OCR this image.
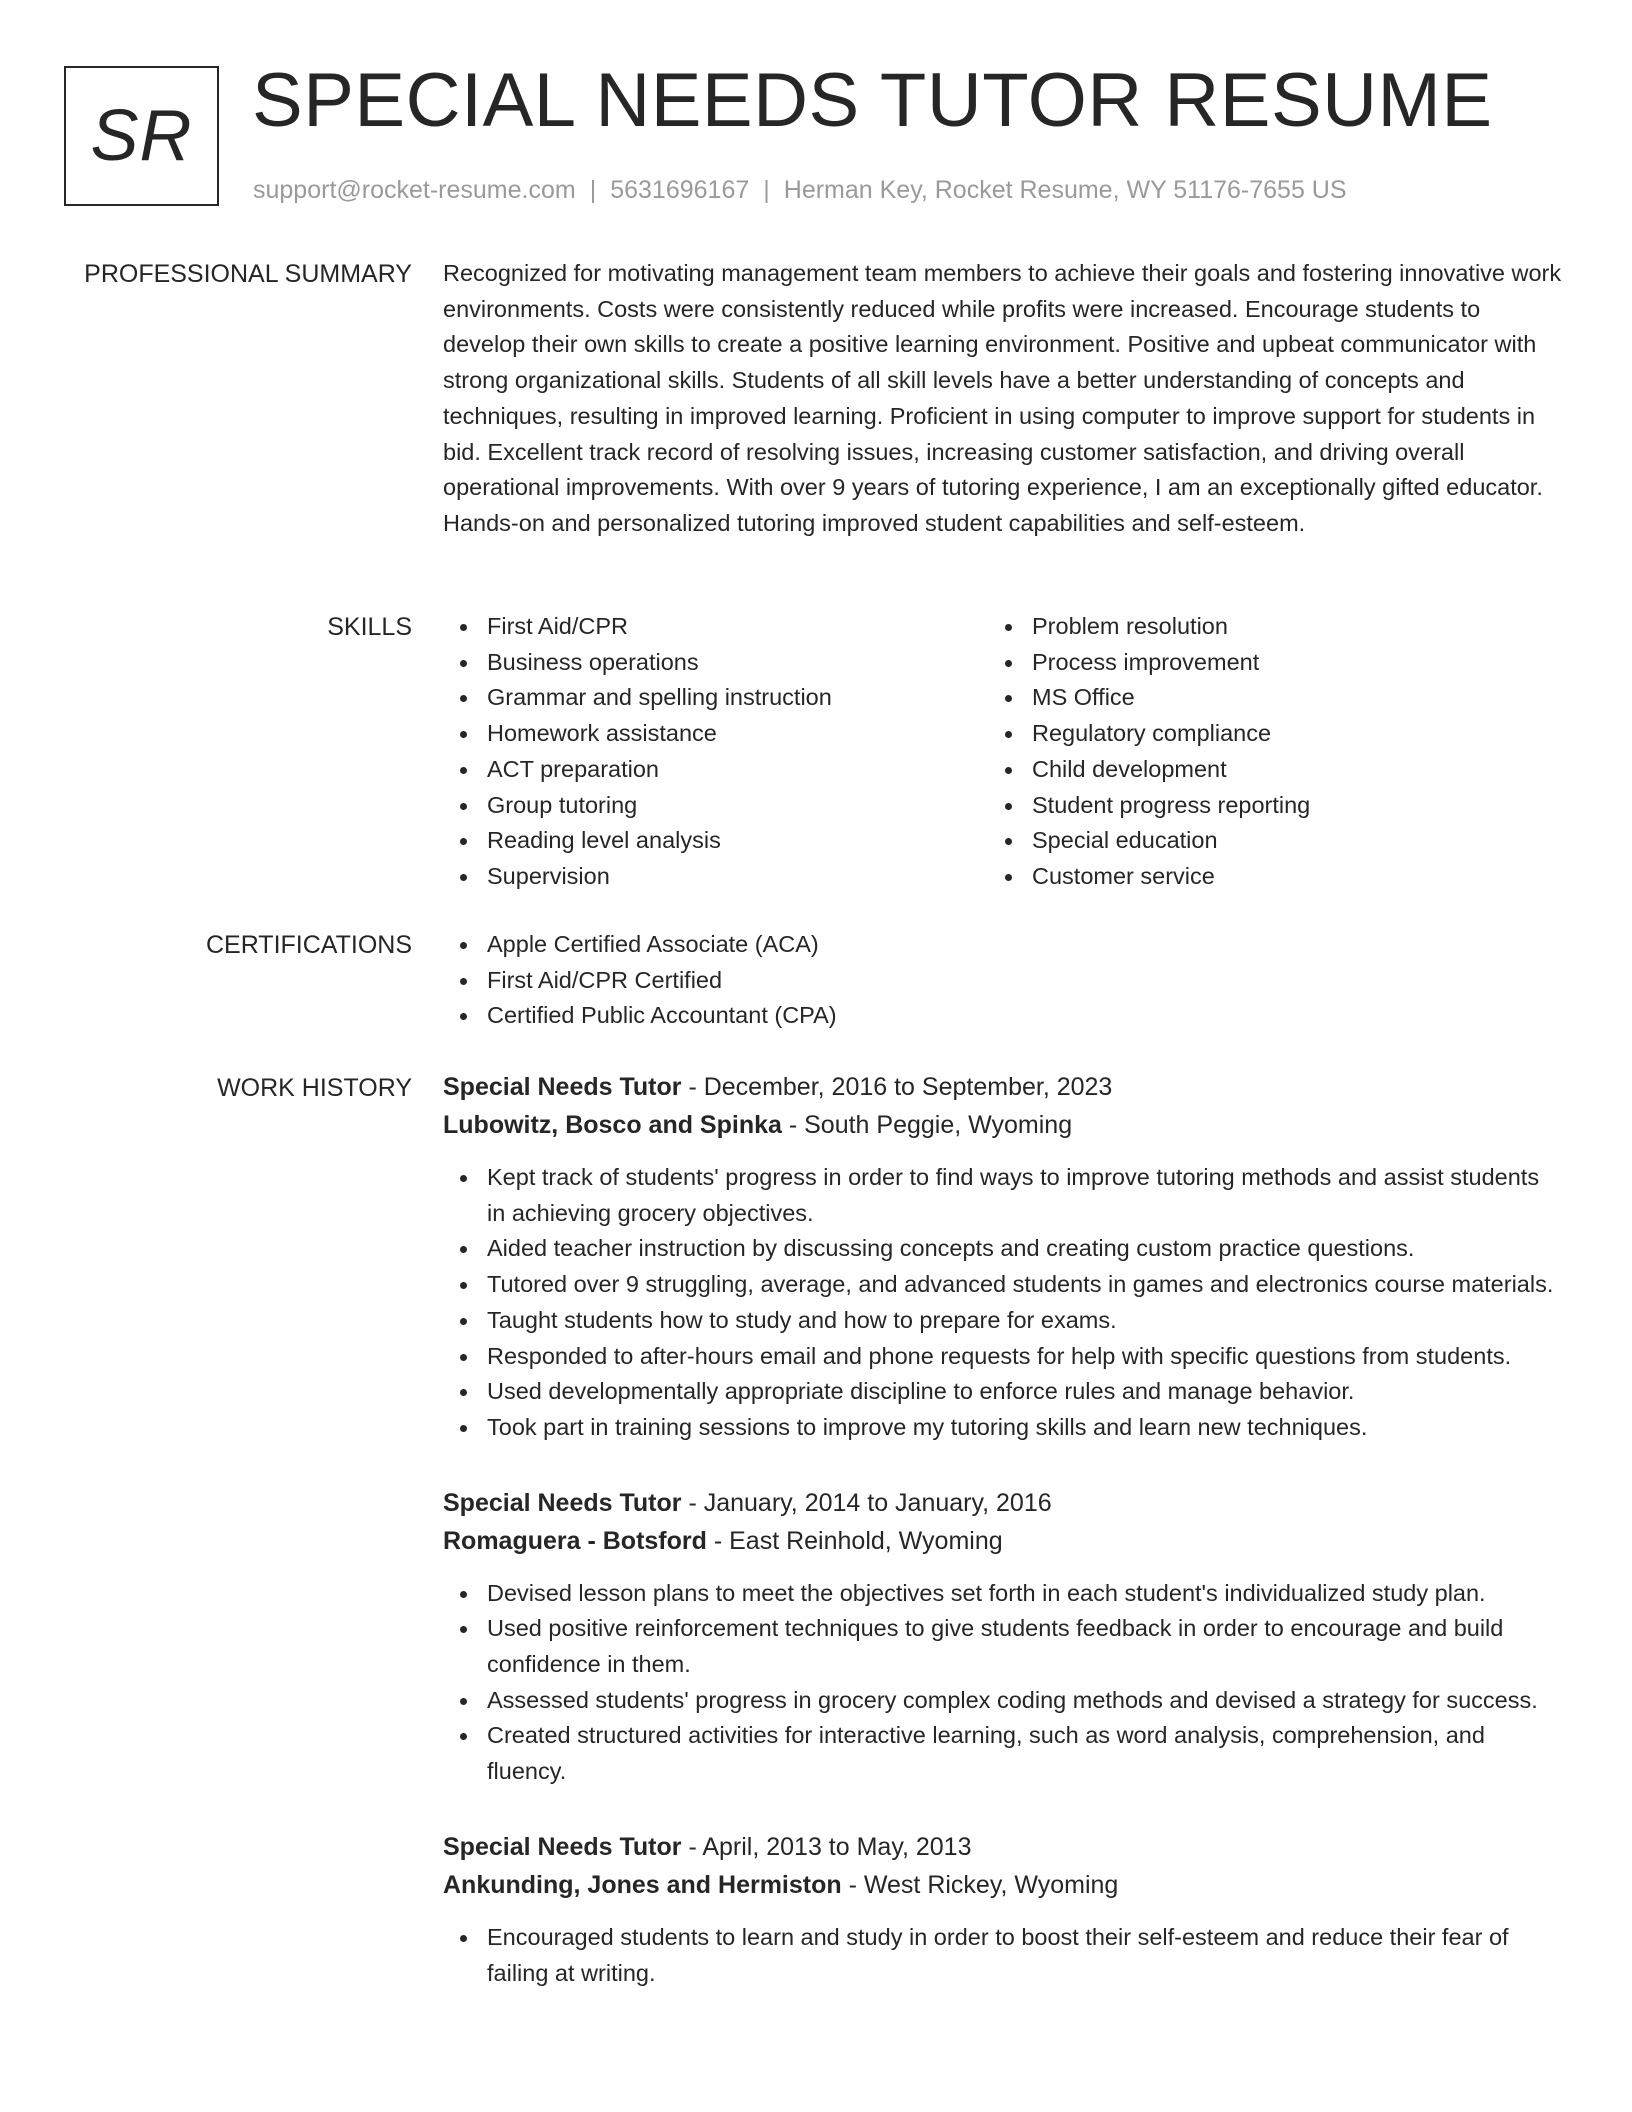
SR SPECIAL NEEDS TUTOR RESUME
support@rocket-resume.com | 5631696167 | Herman Key, Rocket Resume, WY 51176-7655 US
PROFESSIONAL SUMMARY Recognized for motivating management team members to achieve their goals and fostering innovative work environments. Costs were consistently reduced while profits were increased. Encourage students to develop their own skills to create a positive learning environment. Positive and upbeat communicator with strong organizational skills. Students of all skill levels have a better understanding of concepts and techniques, resulting in improved learning. Proficient in using computer to improve support for students in bid. Excellent track record of resolving issues, increasing customer satisfaction, and driving overall operational improvements. With over 9 years of tutoring experience, I am an exceptionally gifted educator. Hands-on and personalized tutoring improved student capabilities and self-esteem.

SKILLS	First Aid/CPR
Business operations
Grammar and spelling instruction
Homework assistance
ACT preparation
Group tutoring
Reading level analysis
Supervision
Problem resolution
Process improvement
MS Office
Regulatory compliance
Child development
Student progress reporting
Special education
Customer service
CERTIFICATIONS	Apple Certified Associate (ACA)
First Aid/CPR Certified
Certified Public Accountant (CPA)
WORK HISTORY Special Needs Tutor - December, 2016 to September, 2023
Lubowitz, Bosco and Spinka - South Peggie, Wyoming
Kept track of students' progress in order to find ways to improve tutoring methods and assist students in achieving grocery objectives.
Aided teacher instruction by discussing concepts and creating custom practice questions.
Tutored over 9 struggling, average, and advanced students in games and electronics course materials.
Taught students how to study and how to prepare for exams.
Responded to after-hours email and phone requests for help with specific questions from students.
Used developmentally appropriate discipline to enforce rules and manage behavior.
Took part in training sessions to improve my tutoring skills and learn new techniques.
Special Needs Tutor - January, 2014 to January, 2016
Romaguera - Botsford - East Reinhold, Wyoming
Devised lesson plans to meet the objectives set forth in each student's individualized study plan.
Used positive reinforcement techniques to give students feedback in order to encourage and build confidence in them.
Assessed students' progress in grocery complex coding methods and devised a strategy for success.
Created structured activities for interactive learning, such as word analysis, comprehension, and fluency.
Special Needs Tutor - April, 2013 to May, 2013
Ankunding, Jones and Hermiston - West Rickey, Wyoming
Encouraged students to learn and study in order to boost their self-esteem and reduce their fear of failing at writing.
